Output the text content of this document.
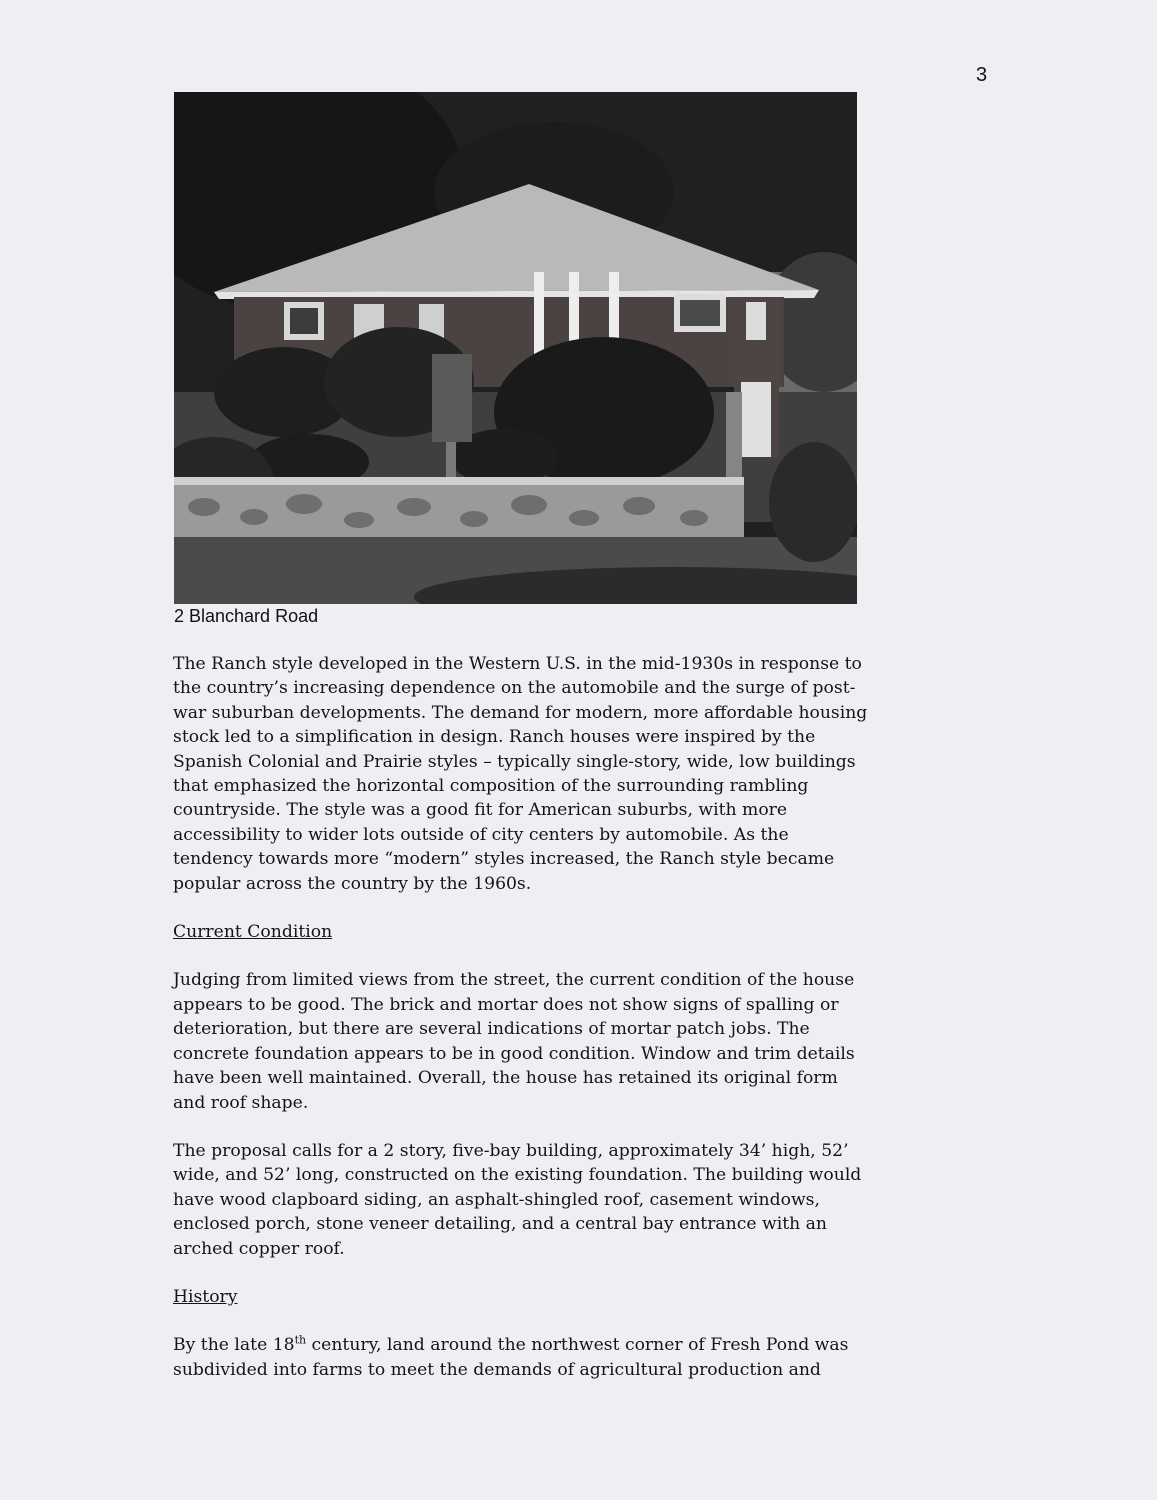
3
2 Blanchard Road

The Ranch style developed in the Western U.S. in the mid-1930s in response to

the country’s increasing dependence on the automobile and the surge of post-

war suburban developments. The demand for modern, more affordable housing

stock led to a simplification in design. Ranch houses were inspired by the

Spanish Colonial and Prairie styles – typically single-story, wide, low buildings

that emphasized the horizontal composition of the surrounding rambling

countryside. The style was a good fit for American suburbs, with more

accessibility to wider lots outside of city centers by automobile. As the

tendency towards more “modern” styles increased, the Ranch style became

popular across the country by the 1960s.

Current Condition

Judging from limited views from the street, the current condition of the house

appears to be good. The brick and mortar does not show signs of spalling or

deterioration, but there are several indications of mortar patch jobs. The

concrete foundation appears to be in good condition. Window and trim details

have been well maintained. Overall, the house has retained its original form

and roof shape.

The proposal calls for a 2 story, five-bay building, approximately 34’ high, 52’

wide, and 52’ long, constructed on the existing foundation. The building would

have wood clapboard siding, an asphalt-shingled roof, casement windows,

enclosed porch, stone veneer detailing, and a central bay entrance with an

arched copper roof.

History

By the late 18th century, land around the northwest corner of Fresh Pond was

subdivided into farms to meet the demands of agricultural production and
